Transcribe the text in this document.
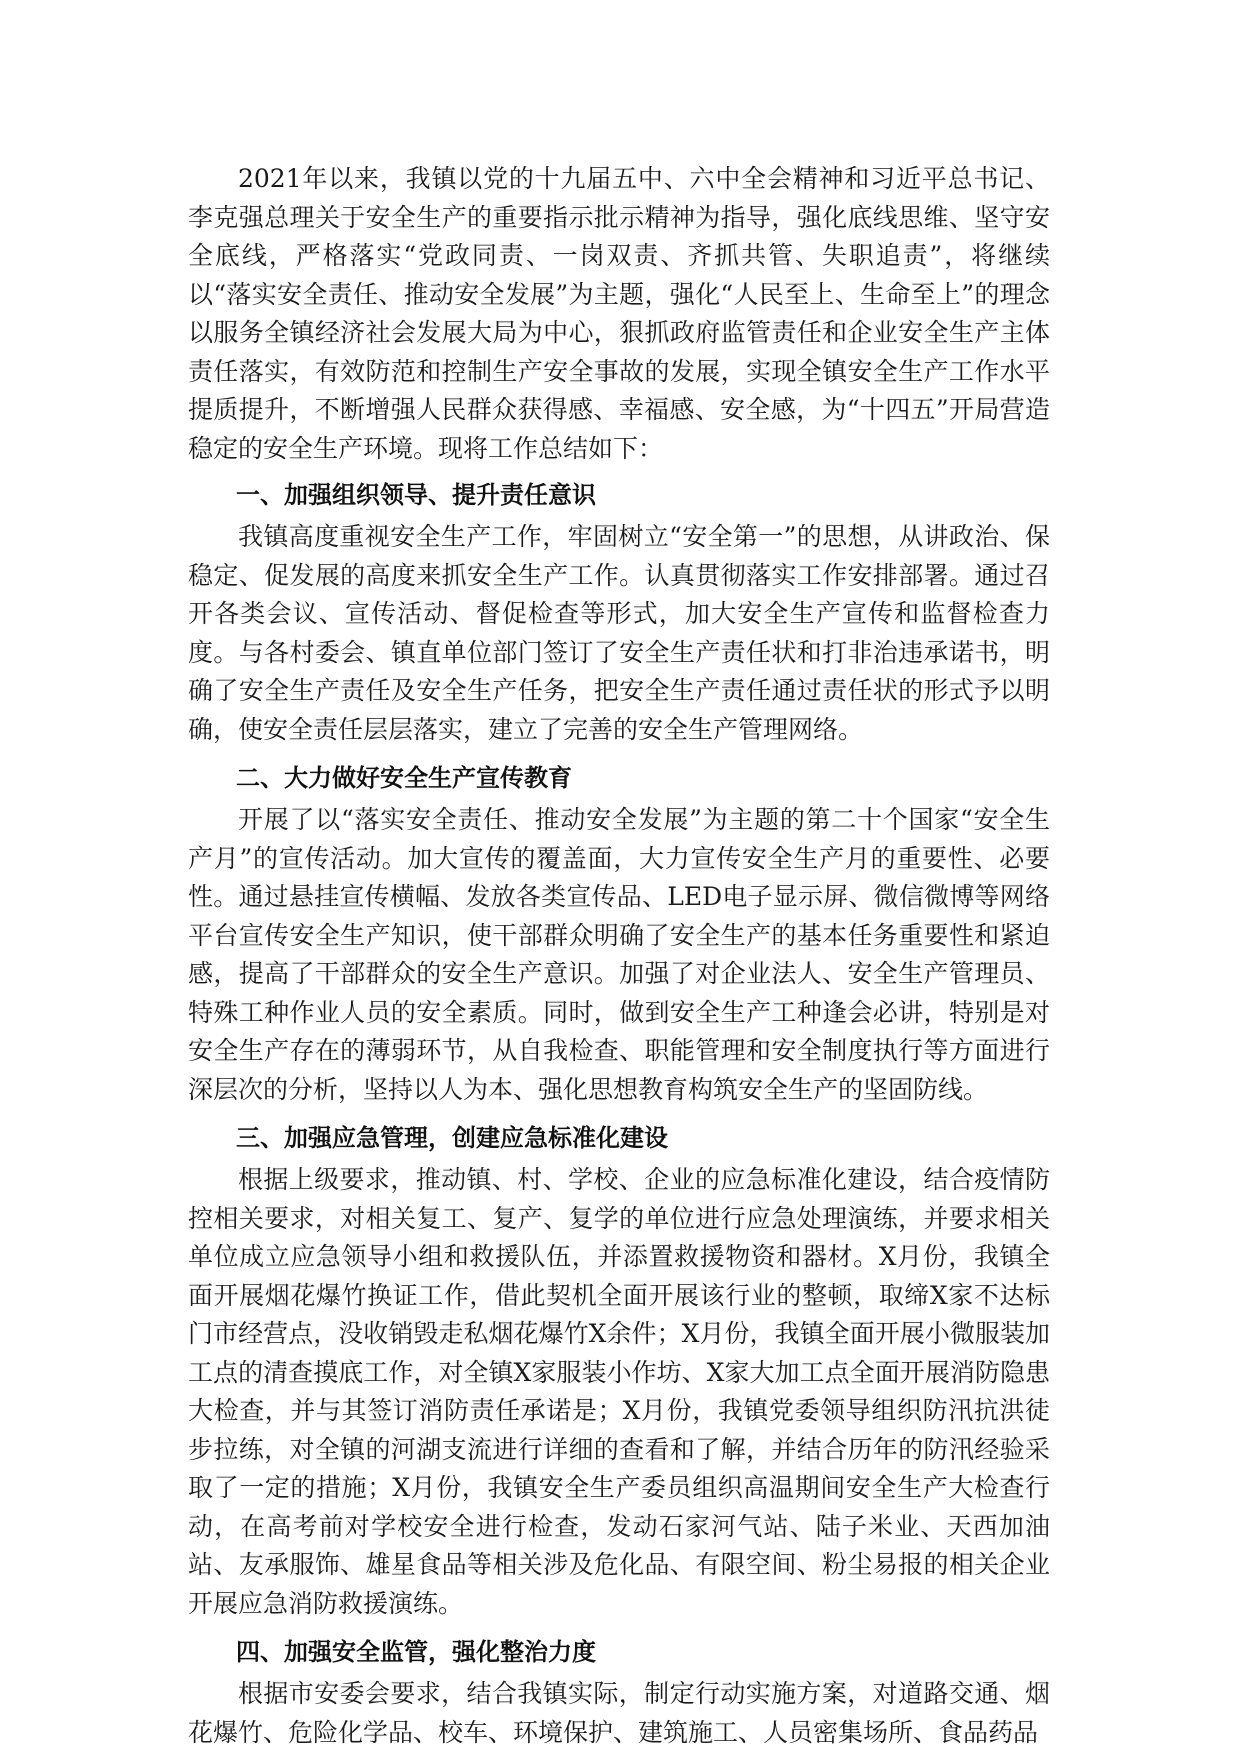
2021年以来，我镇以党的十九届五中、六中全会精神和习近平总书记、李克强总理关于安全生产的重要指示批示精神为指导，强化底线思维、坚守安全底线，严格落实“党政同责、一岗双责、齐抓共管、失职追责”，将继续以“落实安全责任、推动安全发展”为主题，强化“人民至上、生命至上”的理念以服务全镇经济社会发展大局为中心，狠抓政府监管责任和企业安全生产主体责任落实，有效防范和控制生产安全事故的发展，实现全镇安全生产工作水平提质提升，不断增强人民群众获得感、幸福感、安全感，为“十四五”开局营造稳定的安全生产环境。现将工作总结如下：

一、加强组织领导、提升责任意识

我镇高度重视安全生产工作，牢固树立“安全第一”的思想，从讲政治、保稳定、促发展的高度来抓安全生产工作。认真贯彻落实工作安排部署。通过召开各类会议、宣传活动、督促检查等形式，加大安全生产宣传和监督检查力度。与各村委会、镇直单位部门签订了安全生产责任状和打非治违承诺书，明确了安全生产责任及安全生产任务，把安全生产责任通过责任状的形式予以明确，使安全责任层层落实，建立了完善的安全生产管理网络。

二、大力做好安全生产宣传教育

开展了以“落实安全责任、推动安全发展”为主题的第二十个国家“安全生产月”的宣传活动。加大宣传的覆盖面，大力宣传安全生产月的重要性、必要性。通过悬挂宣传横幅、发放各类宣传品、LED电子显示屏、微信微博等网络平台宣传安全生产知识，使干部群众明确了安全生产的基本任务重要性和紧迫感，提高了干部群众的安全生产意识。加强了对企业法人、安全生产管理员、特殊工种作业人员的安全素质。同时，做到安全生产工种逢会必讲，特别是对安全生产存在的薄弱环节，从自我检查、职能管理和安全制度执行等方面进行深层次的分析，坚持以人为本、强化思想教育构筑安全生产的坚固防线。

三、加强应急管理，创建应急标准化建设

根据上级要求，推动镇、村、学校、企业的应急标准化建设，结合疫情防控相关要求，对相关复工、复产、复学的单位进行应急处理演练，并要求相关单位成立应急领导小组和救援队伍，并添置救援物资和器材。X月份，我镇全面开展烟花爆竹换证工作，借此契机全面开展该行业的整顿，取缔X家不达标门市经营点，没收销毁走私烟花爆竹X余件；X月份，我镇全面开展小微服装加工点的清查摸底工作，对全镇X家服装小作坊、X家大加工点全面开展消防隐患大检查，并与其签订消防责任承诺是；X月份，我镇党委领导组织防汛抗洪徒步拉练，对全镇的河湖支流进行详细的查看和了解，并结合历年的防汛经验采取了一定的措施；X月份，我镇安全生产委员组织高温期间安全生产大检查行动，在高考前对学校安全进行检查，发动石家河气站、陆子米业、天西加油站、友承服饰、雄星食品等相关涉及危化品、有限空间、粉尘易报的相关企业开展应急消防救援演练。

四、加强安全监管，强化整治力度

根据市安委会要求，结合我镇实际，制定行动实施方案，对道路交通、烟花爆竹、危险化学品、校车、环境保护、建筑施工、人员密集场所、食品药品
